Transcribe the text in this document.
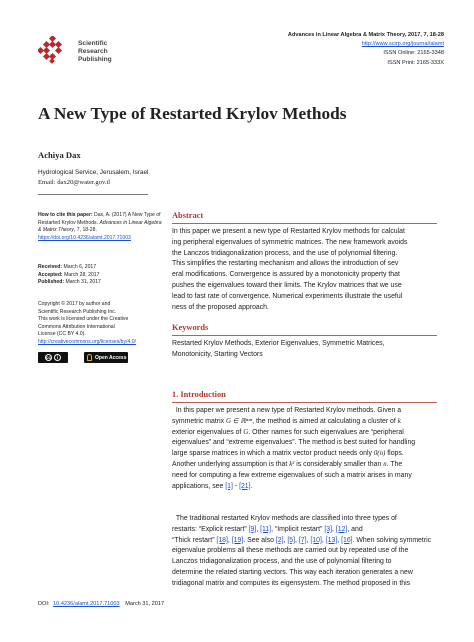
Scientific
Research
Publishing
Advances in Linear Algebra & Matrix Theory, 2017, 7, 18-28
http://www.scirp.org/journal/alamt
ISSN Online: 2165-3348
ISSN Print: 2165-333X
A New Type of Restarted Krylov Methods
Achiya Dax
Hydrological Service, Jerusalem, Israel
Email: dax20@water.gov.il
How to cite this paper: Dax, A. (2017) A New Type of Restarted Krylov Methods. Advances in Linear Algebra & Matrix Theory, 7, 18-28.
https://doi.org/10.4236/alamt.2017.71003
Received: March 6, 2017
Accepted: March 28, 2017
Published: March 31, 2017
Copyright © 2017 by author and
Scientific Research Publishing Inc.
This work is licensed under the Creative
Commons Attribution International
License (CC BY 4.0).
http://creativecommons.org/licenses/by/4.0/
cc	i	Open Access
Abstract
In this paper we present a new type of Restarted Krylov methods for calculat
ing peripheral eigenvalues of symmetric matrices. The new framework avoids
the Lanczos tridiagonalization process, and the use of polynomial filtering.
This simplifies the restarting mechanism and allows the introduction of sev
eral modifications. Convergence is assured by a monotonicity property that
pushes the eigenvalues toward their limits. The Krylov matrices that we use
lead to fast rate of convergence. Numerical experiments illustrate the useful
ness of the proposed approach.
Keywords
Restarted Krylov Methods, Exterior Eigenvalues, Symmetric Matrices,
Monotonicity, Starting Vectors
1. Introduction
In this paper we present a new type of Restarted Krylov methods. Given a
symmetric matrix G ∈ ℝⁿˣⁿ, the method is aimed at calculating a cluster of k
exterior eigenvalues of G. Other names for such eigenvalues are “peripheral
eigenvalues” and “extreme eigenvalues”. The method is best suited for handling
large sparse matrices in which a matrix vector product needs only 0(n) flops.
Another underlying assumption is that k² is considerably smaller than n. The
need for computing a few extreme eigenvalues of such a matrix arises in many
applications, see [1] - [21].
The traditional restarted Krylov methods are classified into three types of
restarts: “Explicit restart” [9], [11], “Implicit restart” [3], [12], and
“Thick restart” [18], [19]. See also [2], [5], [7], [10], [13], [16]. When solving symmetric
eigenvalue problems all these methods are carried out by repeated use of the
Lanczos tridiagonalization process, and the use of polynomial filtering to
determine the related starting vectors. This way each iteration generates a new
tridiagonal matrix and computes its eigensystem. The method proposed in this
DOI: 10.4236/alamt.2017.71003 March 31, 2017
